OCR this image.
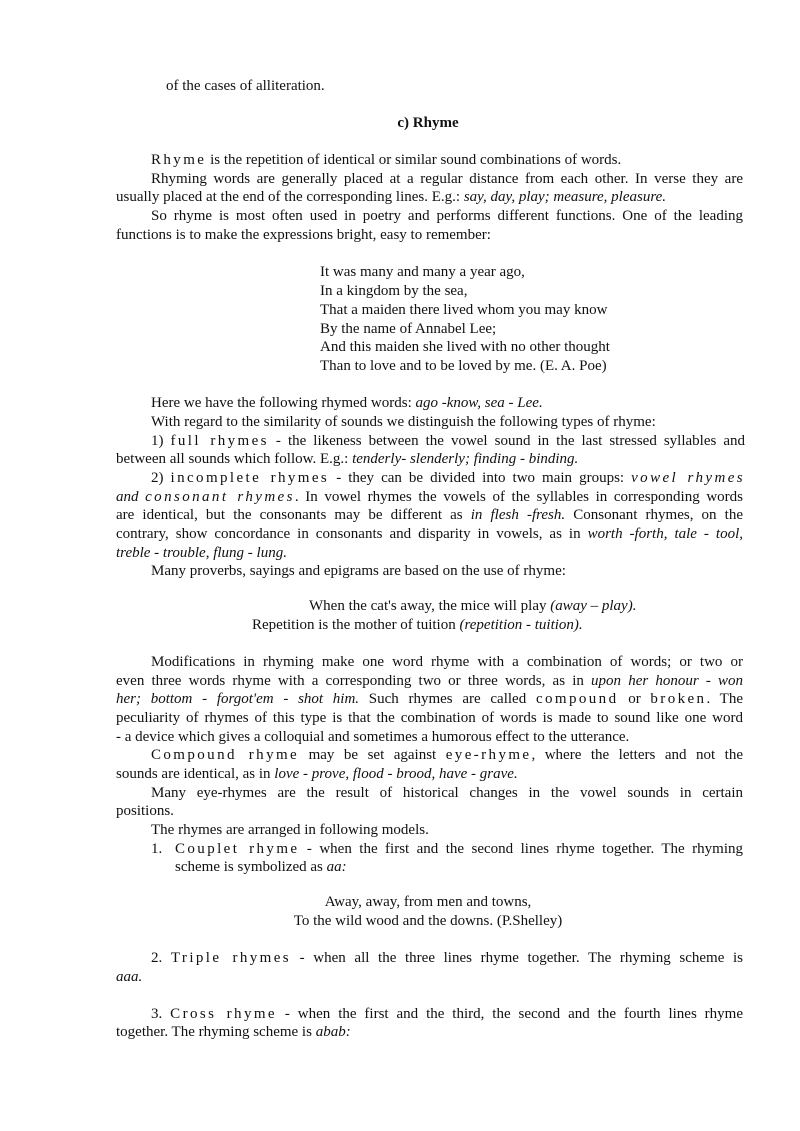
of the cases of alliteration.

c) Rhyme

Rhyme is the repetition of identical or similar sound combinations of words.

Rhyming words are generally placed at a regular distance from each other. In verse they are

usually placed at the end of the corresponding lines. E.g.: say, day, play; measure, pleasure.

So rhyme is most often used in poetry and performs different functions. One of the leading

functions is to make the expressions bright, easy to remember:

It was many and many a year ago,

In a kingdom by the sea,

That a maiden there lived whom you may know

By the name of Annabel Lee;

And this maiden she lived with no other thought

Than to love and to be loved by me. (E. A. Poe)

Here we have the following rhymed words: ago -know, sea - Lee.

With regard to the similarity of sounds we distinguish the following types of rhyme:

1) full rhymes - the likeness between the vowel sound in the last stressed syllables and

between all sounds which follow. E.g.: tenderly- slenderly; finding - binding.

2) incomplete rhymes - they can be divided into two main groups: vowel rhymes

and consonant rhymes. In vowel rhymes the vowels of the syllables in corresponding words

are identical, but the consonants may be different as in flesh -fresh. Consonant rhymes, on the

contrary, show concordance in consonants and disparity in vowels, as in worth -forth, tale - tool,

treble - trouble, flung - lung.

Many proverbs, sayings and epigrams are based on the use of rhyme:

When the cat's away, the mice will play (away – play).

Repetition is the mother of tuition (repetition - tuition).

Modifications in rhyming make one word rhyme with a combination of words; or two or

even three words rhyme with a corresponding two or three words, as in upon her honour - won

her; bottom - forgot'em - shot him. Such rhymes are called compound or broken. The

peculiarity of rhymes of this type is that the combination of words is made to sound like one word

- a device which gives a colloquial and sometimes a humorous effect to the utterance.

Compound rhyme may be set against eye-rhyme, where the letters and not the

sounds are identical, as in love - prove, flood - brood, have - grave.

Many eye-rhymes are the result of historical changes in the vowel sounds in certain

positions.

The rhymes are arranged in following models.

1. Couplet rhyme - when the first and the second lines rhyme together. The rhyming

scheme is symbolized as aa:

Away, away, from men and towns,

To the wild wood and the downs. (P.Shelley)

2. Triple rhymes - when all the three lines rhyme together. The rhyming scheme is

aaa.

3. Cross rhyme - when the first and the third, the second and the fourth lines rhyme

together. The rhyming scheme is abab:
